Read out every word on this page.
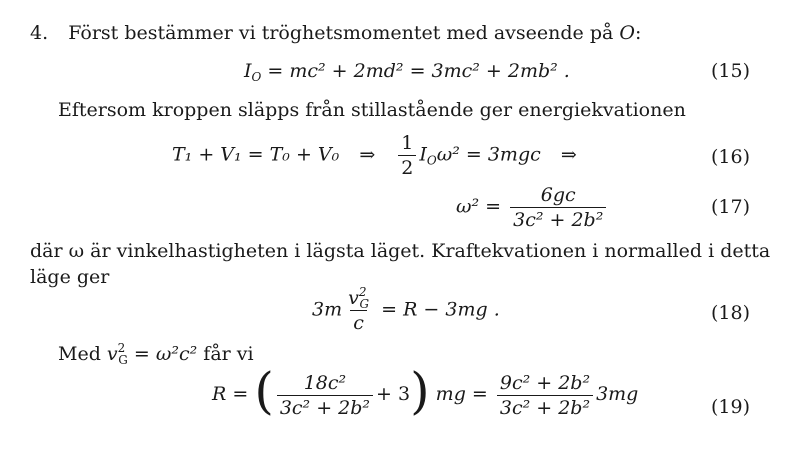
4. Först bestämmer vi tröghetsmomentet med avseende på O:
$I_O = mc^2 + 2md^2 = 3mc^2 + 2mb^2$ .	(15)
Eftersom kroppen släpps från stillastående ger energiekvationen
T₁ + V₁ = T₀ + V₀ ⇒ $\frac{1}{2} I_O\omega^2 = 3mgc$ ⇒	(16)
$\omega^2 = \frac{6gc}{\text{3c² + 2b²}}$	(17)
där ω är vinkelhastigheten i lägsta läget. Kraftekvationen i normalled i detta
läge ger
$3m \frac{v^2_G}{c} = R - 3mg$ .	(18)
Med $v^2_G = \omega^2c^2$ får vi
R = ( $\frac{\text{18c²}}{\text{3c² + 2b²}} + 3$) mg = $\frac{\text{9c² + 2b²}}{\text{3c² + 2b²}} 3mg$
(19)
